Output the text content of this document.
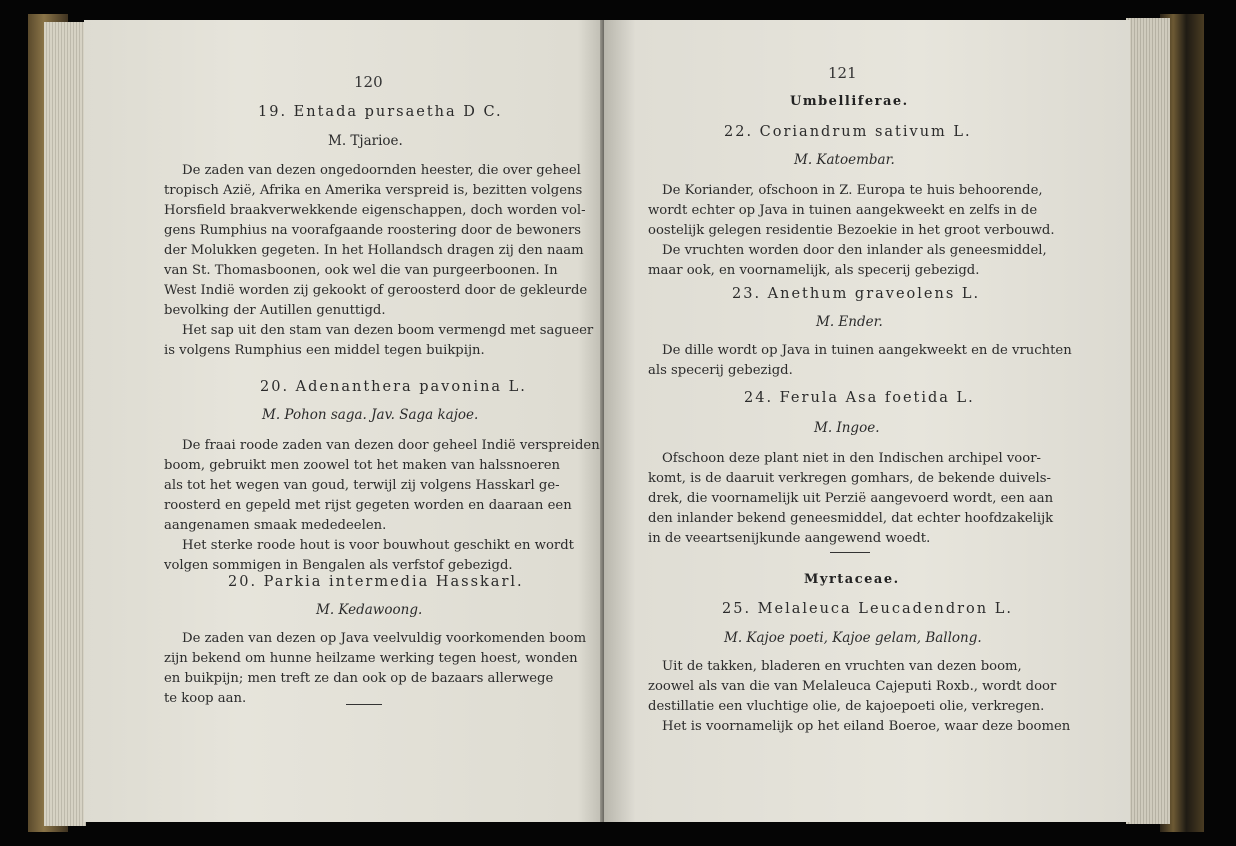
120
19. Entada pursaetha D C.
M. Tjarioe.
De zaden van dezen ongedoornden heester, die over geheel
tropisch Azië, Afrika en Amerika verspreid is, bezitten volgens
Horsfield braakverwekkende eigenschappen, doch worden vol-
gens Rumphius na voorafgaande roostering door de bewoners
der Molukken gegeten. In het Hollandsch dragen zij den naam
van St. Thomasboonen, ook wel die van purgeerboonen. In
West Indië worden zij gekookt of geroosterd door de gekleurde
bevolking der Autillen genuttigd.
Het sap uit den stam van dezen boom vermengd met sagueer
is volgens Rumphius een middel tegen buikpijn.
20. Adenanthera pavonina L.
M. Pohon saga. Jav. Saga kajoe.
De fraai roode zaden van dezen door geheel Indië verspreiden
boom, gebruikt men zoowel tot het maken van halssnoeren
als tot het wegen van goud, terwijl zij volgens Hasskarl ge-
roosterd en gepeld met rijst gegeten worden en daaraan een
aangenamen smaak mededeelen.
Het sterke roode hout is voor bouwhout geschikt en wordt
volgen sommigen in Bengalen als verfstof gebezigd.
20. Parkia intermedia Hasskarl.
M. Kedawoong.
De zaden van dezen op Java veelvuldig voorkomenden boom
zijn bekend om hunne heilzame werking tegen hoest, wonden
en buikpijn; men treft ze dan ook op de bazaars allerwege
te koop aan.
121
Umbelliferae.
22. Coriandrum sativum L.
M. Katoembar.
De Koriander, ofschoon in Z. Europa te huis behoorende,
wordt echter op Java in tuinen aangekweekt en zelfs in de
oostelijk gelegen residentie Bezoekie in het groot verbouwd.
De vruchten worden door den inlander als geneesmiddel,
maar ook, en voornamelijk, als specerij gebezigd.
23. Anethum graveolens L.
M. Ender.
De dille wordt op Java in tuinen aangekweekt en de vruchten
als specerij gebezigd.
24. Ferula Asa foetida L.
M. Ingoe.
Ofschoon deze plant niet in den Indischen archipel voor-
komt, is de daaruit verkregen gomhars, de bekende duivels-
drek, die voornamelijk uit Perzië aangevoerd wordt, een aan
den inlander bekend geneesmiddel, dat echter hoofdzakelijk
in de veeartsenijkunde aangewend woedt.
Myrtaceae.
25. Melaleuca Leucadendron L.
M. Kajoe poeti, Kajoe gelam, Ballong.
Uit de takken, bladeren en vruchten van dezen boom,
zoowel als van die van Melaleuca Cajeputi Roxb., wordt door
destillatie een vluchtige olie, de kajoepoeti olie, verkregen.
Het is voornamelijk op het eiland Boeroe, waar deze boomen
